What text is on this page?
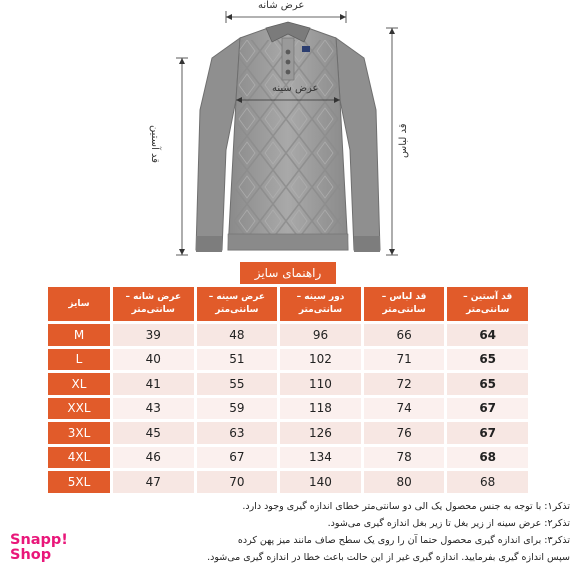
عرض شانه
عرض سینه
قد آستین	قد لباس
راهنمای سایز
سایز	عرض شانه – سانتی‌متر	عرض سینه – سانتی‌متر	دور سینه – سانتی‌متر	قد لباس – سانتی‌متر	قد آستین – سانتی‌متر
M	39	48	96	66	64
L	40	51	102	71	65
XL	41	55	110	72	65
XXL	43	59	118	74	67
3XL	45	63	126	76	67
4XL	46	67	134	78	68
5XL	47	70	140	80	68

تذکر۱: با توجه به جنس محصول یک الی دو سانتی‌متر خطای اندازه گیری وجود دارد.

تذکر۲: عرض سینه از زیر بغل تا زیر بغل اندازه گیری می‌شود.

تذکر۳: برای اندازه گیری محصول حتما آن را روی یک سطح صاف مانند میز پهن کرده

سپس اندازه گیری بفرمایید. اندازه گیری غیر از این حالت باعث خطا در اندازه گیری می‌شود.

Snapp!
Shop
